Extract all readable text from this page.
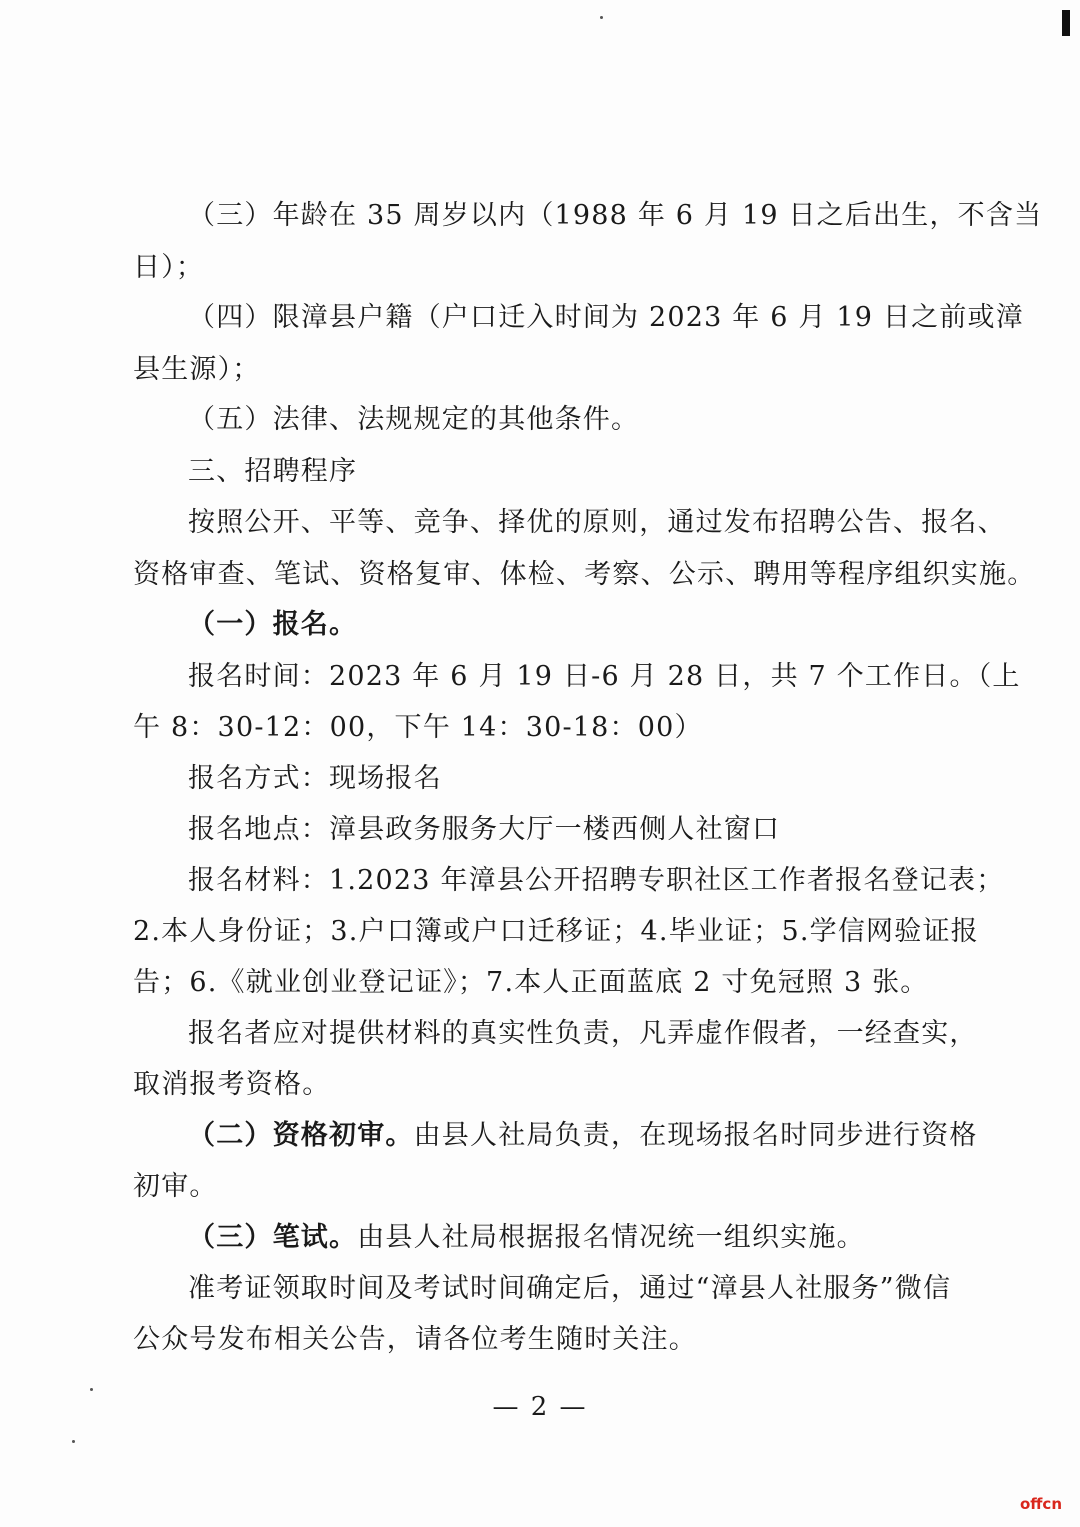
（三）年龄在 35 周岁以内（1988 年 6 月 19 日之后出生，不含当
日）；
（四）限漳县户籍（户口迁入时间为 2023 年 6 月 19 日之前或漳
县生源）；
（五）法律、法规规定的其他条件。
三、招聘程序
按照公开、平等、竞争、择优的原则，通过发布招聘公告、报名、
资格审查、笔试、资格复审、体检、考察、公示、聘用等程序组织实施。
（一）报名。
报名时间：2023 年 6 月 19 日-6 月 28 日，共 7 个工作日。（上
午 8：30-12：00，下午 14：30-18：00）
报名方式：现场报名
报名地点：漳县政务服务大厅一楼西侧人社窗口
报名材料：1.2023 年漳县公开招聘专职社区工作者报名登记表；
2.本人身份证；3.户口簿或户口迁移证；4.毕业证；5.学信网验证报
告；6.《就业创业登记证》；7.本人正面蓝底 2 寸免冠照 3 张。
报名者应对提供材料的真实性负责，凡弄虚作假者，一经查实，
取消报考资格。
（二）资格初审。由县人社局负责，在现场报名时同步进行资格
初审。
（三）笔试。由县人社局根据报名情况统一组织实施。
准考证领取时间及考试时间确定后，通过“漳县人社服务”微信
公众号发布相关公告，请各位考生随时关注。
— 2 —
offcn
